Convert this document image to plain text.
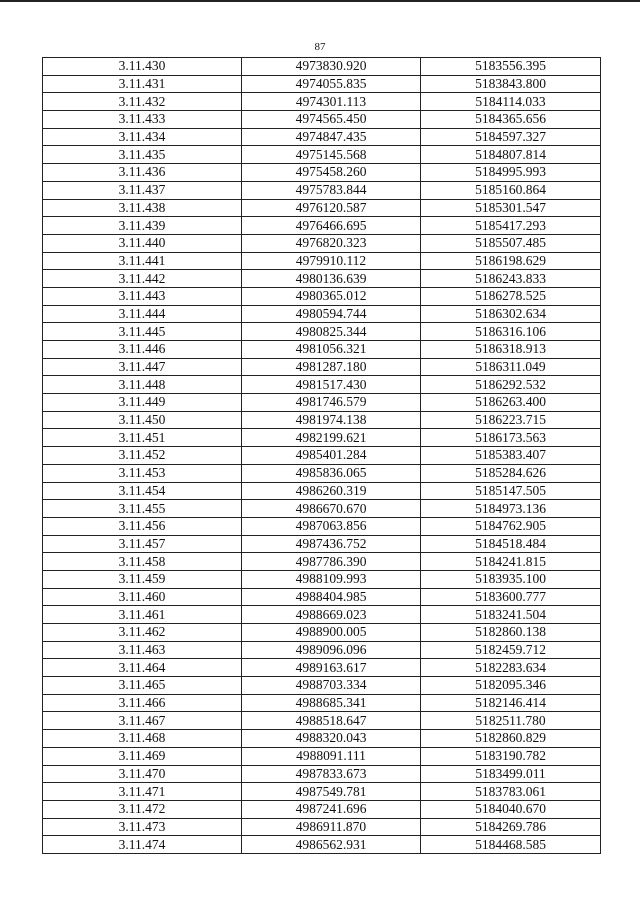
87
3.11.430	4973830.920	5183556.395
3.11.431	4974055.835	5183843.800
3.11.432	4974301.113	5184114.033
3.11.433	4974565.450	5184365.656
3.11.434	4974847.435	5184597.327
3.11.435	4975145.568	5184807.814
3.11.436	4975458.260	5184995.993
3.11.437	4975783.844	5185160.864
3.11.438	4976120.587	5185301.547
3.11.439	4976466.695	5185417.293
3.11.440	4976820.323	5185507.485
3.11.441	4979910.112	5186198.629
3.11.442	4980136.639	5186243.833
3.11.443	4980365.012	5186278.525
3.11.444	4980594.744	5186302.634
3.11.445	4980825.344	5186316.106
3.11.446	4981056.321	5186318.913
3.11.447	4981287.180	5186311.049
3.11.448	4981517.430	5186292.532
3.11.449	4981746.579	5186263.400
3.11.450	4981974.138	5186223.715
3.11.451	4982199.621	5186173.563
3.11.452	4985401.284	5185383.407
3.11.453	4985836.065	5185284.626
3.11.454	4986260.319	5185147.505
3.11.455	4986670.670	5184973.136
3.11.456	4987063.856	5184762.905
3.11.457	4987436.752	5184518.484
3.11.458	4987786.390	5184241.815
3.11.459	4988109.993	5183935.100
3.11.460	4988404.985	5183600.777
3.11.461	4988669.023	5183241.504
3.11.462	4988900.005	5182860.138
3.11.463	4989096.096	5182459.712
3.11.464	4989163.617	5182283.634
3.11.465	4988703.334	5182095.346
3.11.466	4988685.341	5182146.414
3.11.467	4988518.647	5182511.780
3.11.468	4988320.043	5182860.829
3.11.469	4988091.111	5183190.782
3.11.470	4987833.673	5183499.011
3.11.471	4987549.781	5183783.061
3.11.472	4987241.696	5184040.670
3.11.473	4986911.870	5184269.786
3.11.474	4986562.931	5184468.585
